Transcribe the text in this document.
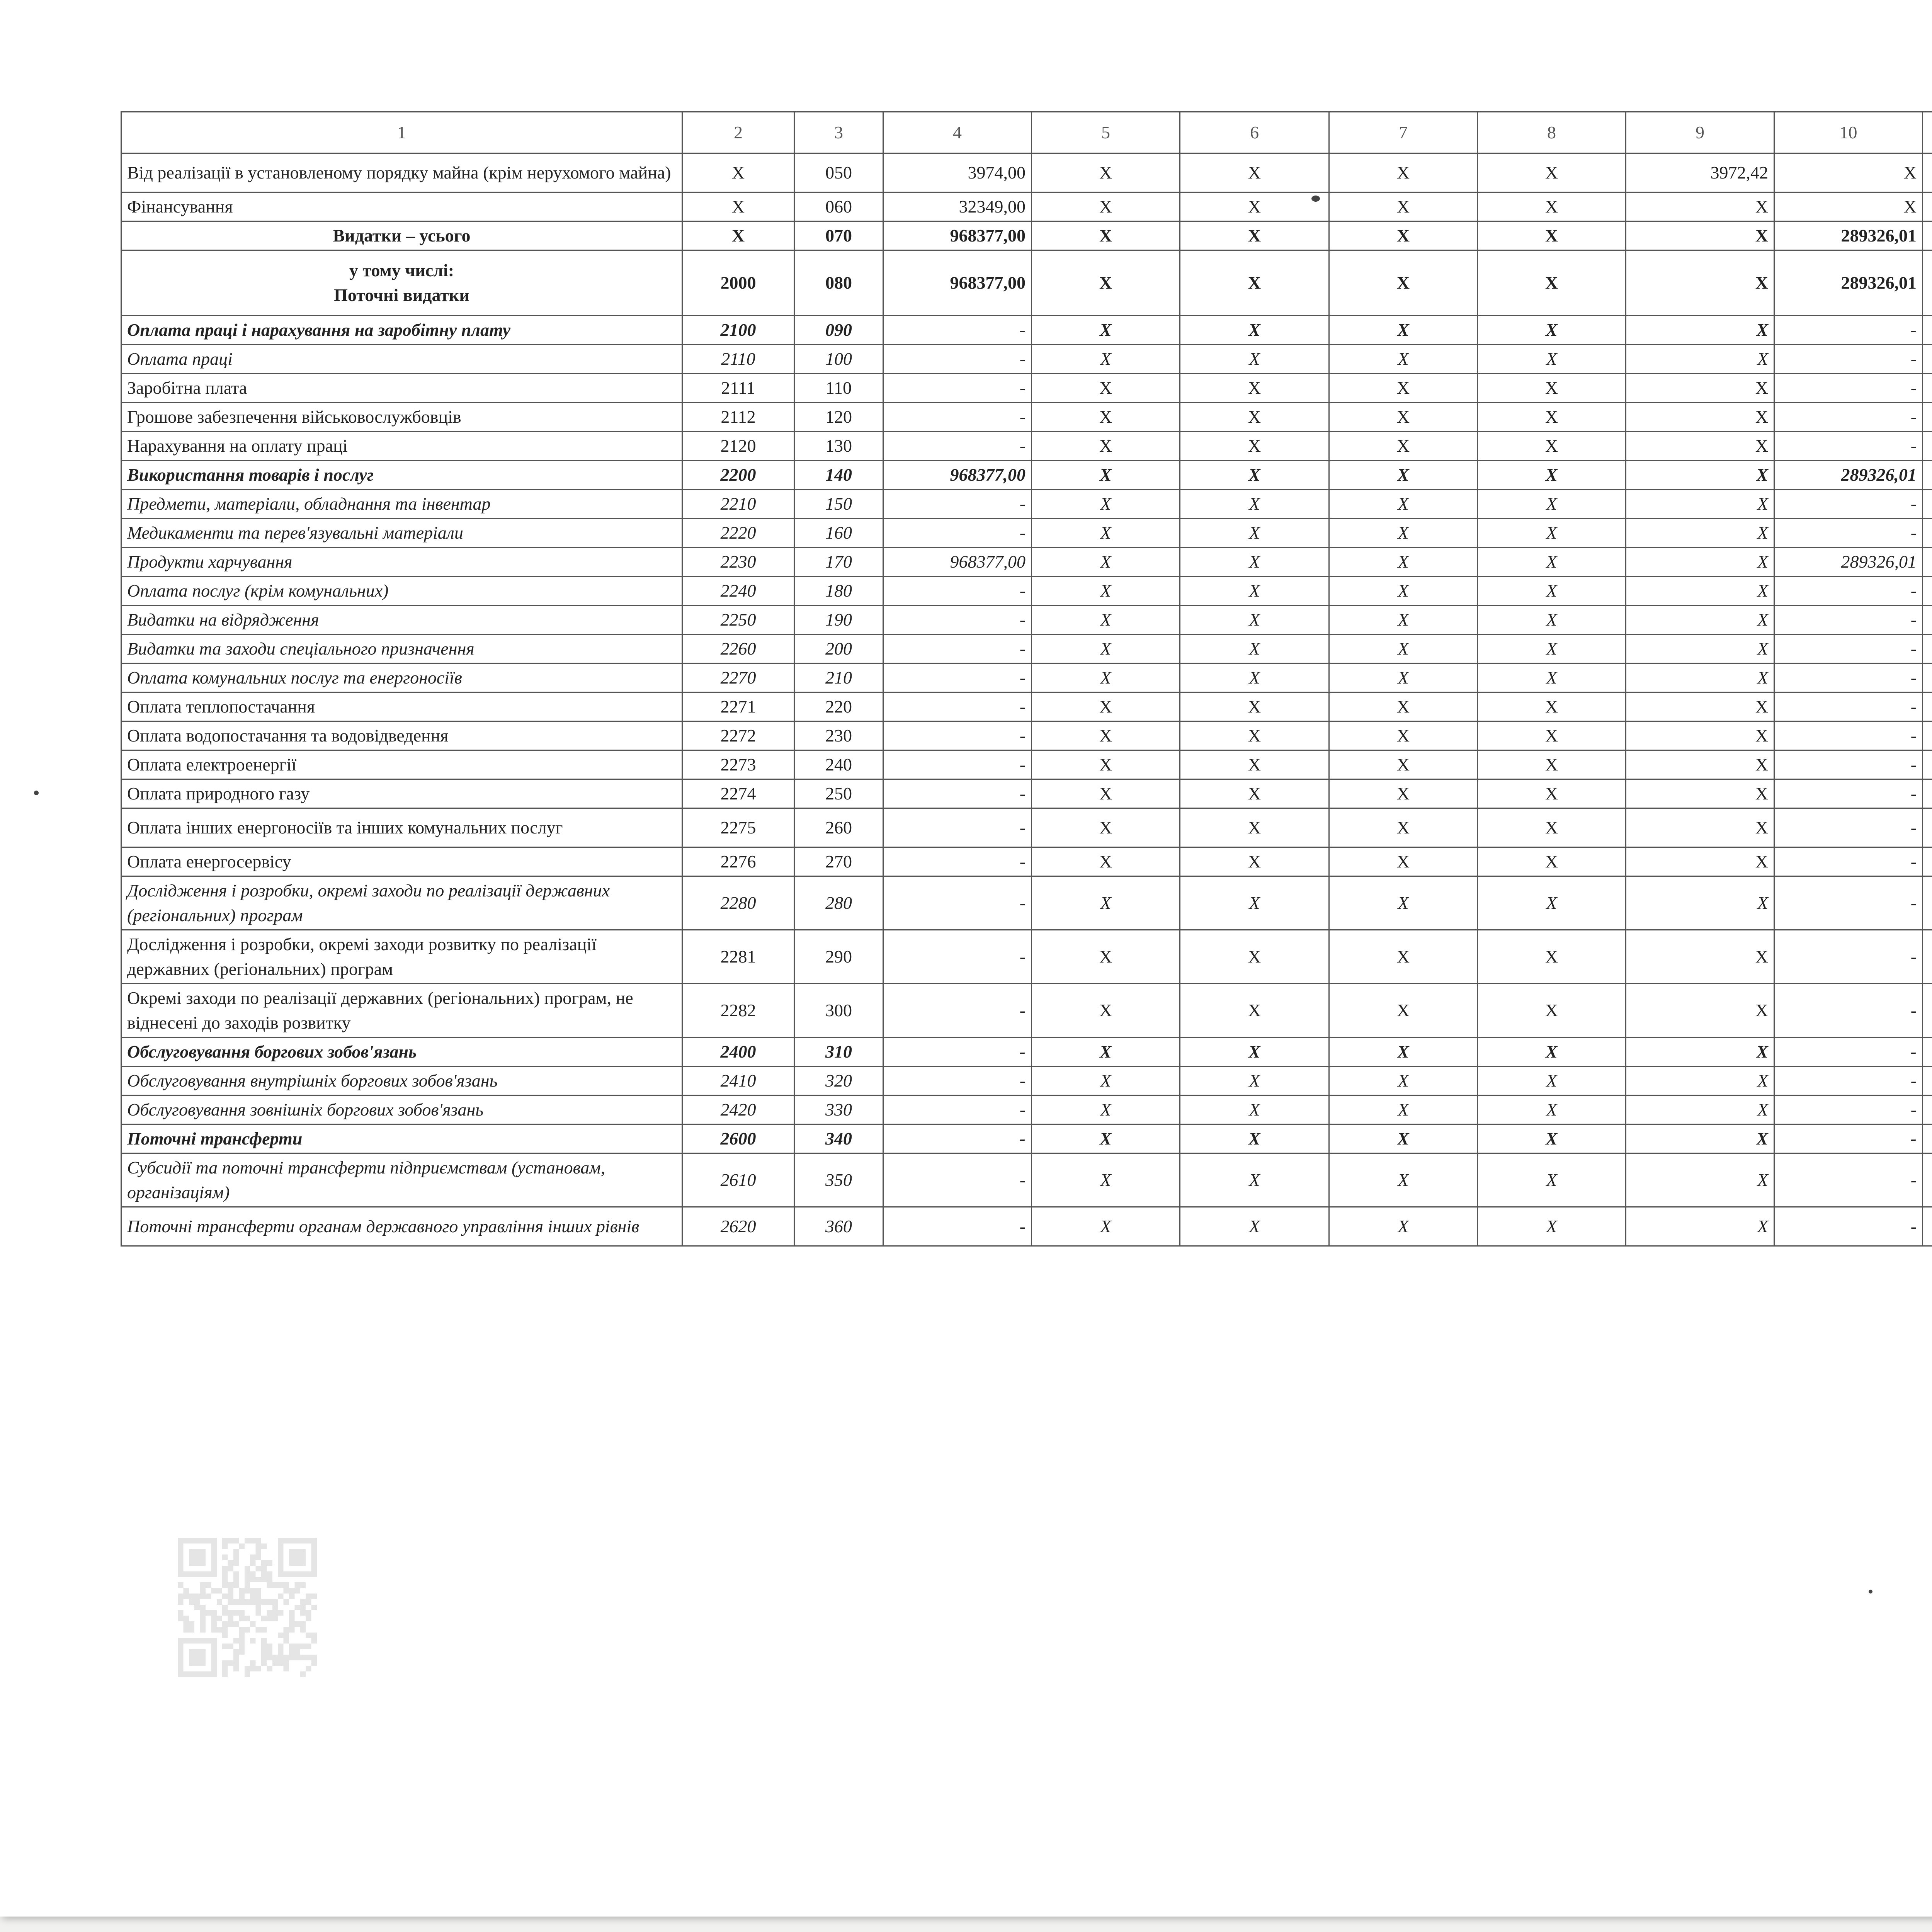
1	2	3	4	5	6	7	8	9	10					
Від реалізації в установленому порядку майна (крім нерухомого майна)	X	050	3974,00	X	X	X	X	3972,42	X					
Фінансування	X	060	32349,00	X	X	X	X	X	X					
Видатки – усього	X	070	968377,00	X	X	X	X	X	289326,01					
у тому числі:
Поточні видатки	2000	080	968377,00	X	X	X	X	X	289326,01					
Оплата праці і нарахування на заробітну плату	2100	090	-	X	X	X	X	X	-					
Оплата праці	2110	100	-	X	X	X	X	X	-					
Заробітна плата	2111	110	-	X	X	X	X	X	-					
Грошове забезпечення військовослужбовців	2112	120	-	X	X	X	X	X	-					
Нарахування на оплату праці	2120	130	-	X	X	X	X	X	-					
Використання товарів і послуг	2200	140	968377,00	X	X	X	X	X	289326,01					
Предмети, матеріали, обладнання та інвентар	2210	150	-	X	X	X	X	X	-					
Медикаменти та перев'язувальні матеріали	2220	160	-	X	X	X	X	X	-					
Продукти харчування	2230	170	968377,00	X	X	X	X	X	289326,01					
Оплата послуг (крім комунальних)	2240	180	-	X	X	X	X	X	-					
Видатки на відрядження	2250	190	-	X	X	X	X	X	-					
Видатки та заходи спеціального призначення	2260	200	-	X	X	X	X	X	-					
Оплата комунальних послуг та енергоносіїв	2270	210	-	X	X	X	X	X	-					
Оплата теплопостачання	2271	220	-	X	X	X	X	X	-					
Оплата водопостачання та водовідведення	2272	230	-	X	X	X	X	X	-					
Оплата електроенергії	2273	240	-	X	X	X	X	X	-					
Оплата природного газу	2274	250	-	X	X	X	X	X	-					
Оплата інших енергоносіїв та інших комунальних послуг	2275	260	-	X	X	X	X	X	-					
Оплата енергосервісу	2276	270	-	X	X	X	X	X	-					
Дослідження і розробки, окремі заходи по реалізації державних (регіональних) програм	2280	280	-	X	X	X	X	X	-					
Дослідження і розробки, окремі заходи розвитку по реалізації державних (регіональних) програм	2281	290	-	X	X	X	X	X	-					
Окремі заходи по реалізації державних (регіональних) програм, не віднесені до заходів розвитку	2282	300	-	X	X	X	X	X	-					
Обслуговування боргових зобов'язань	2400	310	-	X	X	X	X	X	-					
Обслуговування внутрішніх боргових зобов'язань	2410	320	-	X	X	X	X	X	-					
Обслуговування зовнішніх боргових зобов'язань	2420	330	-	X	X	X	X	X	-					
Поточні трансферти	2600	340	-	X	X	X	X	X	-					
Субсидії та поточні трансферти підприємствам (установам, організаціям)	2610	350	-	X	X	X	X	X	-					
Поточні трансферти органам державного управління інших рівнів	2620	360	-	X	X	X	X	X	-					
